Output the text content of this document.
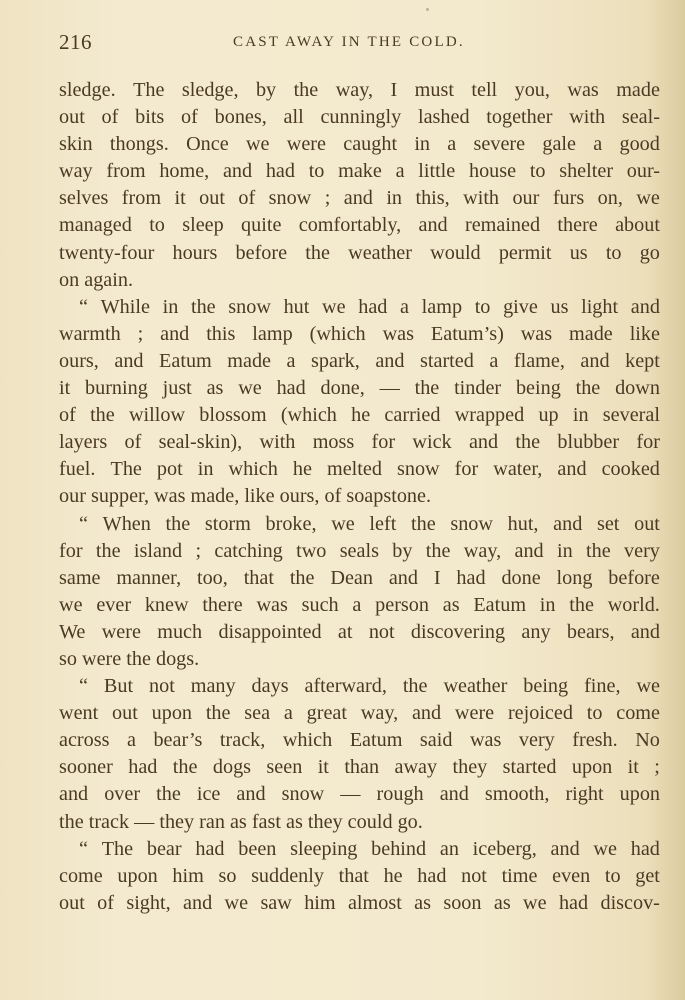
216	CAST AWAY IN THE COLD.
sledge. The sledge, by the way, I must tell you, was made
out of bits of bones, all cunningly lashed together with seal-
skin thongs. Once we were caught in a severe gale a good
way from home, and had to make a little house to shelter our-
selves from it out of snow ; and in this, with our furs on, we
managed to sleep quite comfortably, and remained there about
twenty-four hours before the weather would permit us to go
on again.
“ While in the snow hut we had a lamp to give us light and
warmth ; and this lamp (which was Eatum’s) was made like
ours, and Eatum made a spark, and started a flame, and kept
it burning just as we had done, — the tinder being the down
of the willow blossom (which he carried wrapped up in several
layers of seal-skin), with moss for wick and the blubber for
fuel. The pot in which he melted snow for water, and cooked
our supper, was made, like ours, of soapstone.
“ When the storm broke, we left the snow hut, and set out
for the island ; catching two seals by the way, and in the very
same manner, too, that the Dean and I had done long before
we ever knew there was such a person as Eatum in the world.
We were much disappointed at not discovering any bears, and
so were the dogs.
“ But not many days afterward, the weather being fine, we
went out upon the sea a great way, and were rejoiced to come
across a bear’s track, which Eatum said was very fresh. No
sooner had the dogs seen it than away they started upon it ;
and over the ice and snow — rough and smooth, right upon
the track — they ran as fast as they could go.
“ The bear had been sleeping behind an iceberg, and we had
come upon him so suddenly that he had not time even to get
out of sight, and we saw him almost as soon as we had discov-
